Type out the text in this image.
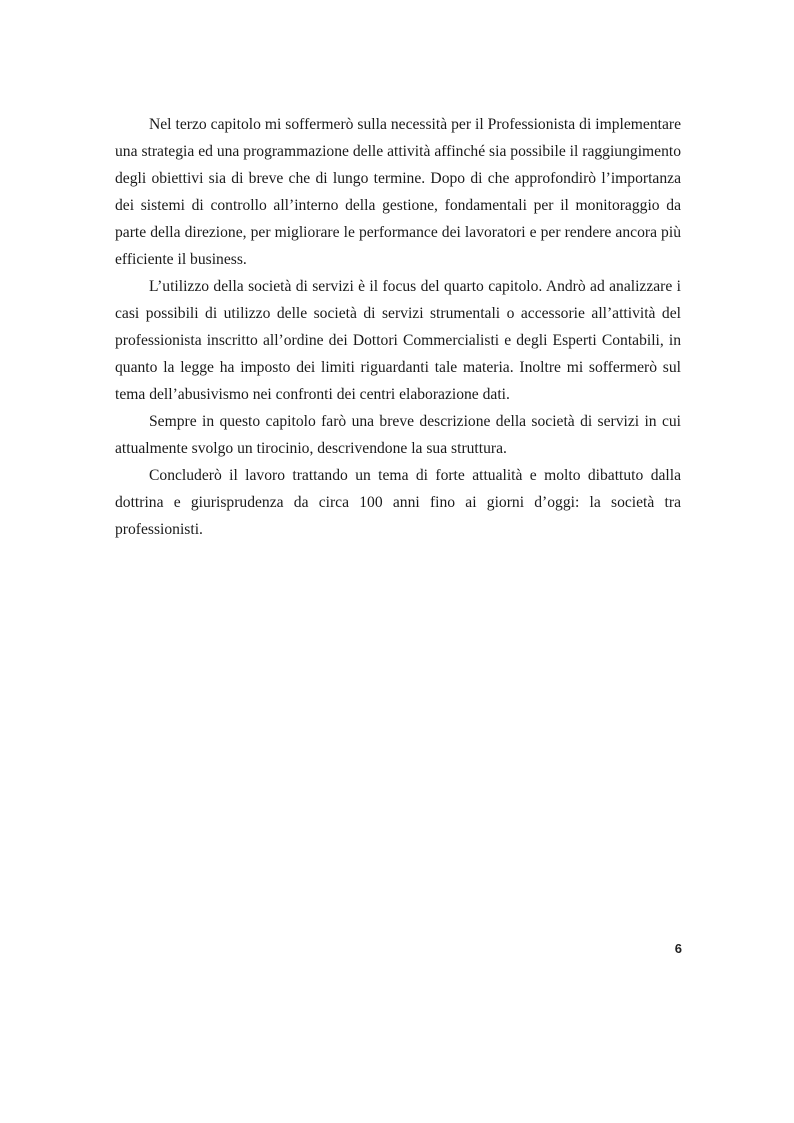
Nel terzo capitolo mi soffermerò sulla necessità per il Professionista di implementare una strategia ed una programmazione delle attività affinché sia possibile il raggiungimento degli obiettivi sia di breve che di lungo termine. Dopo di che approfondirò l’importanza dei sistemi di controllo all’interno della gestione, fondamentali per il monitoraggio da parte della direzione, per migliorare le performance dei lavoratori e per rendere ancora più efficiente il business.

L’utilizzo della società di servizi è il focus del quarto capitolo. Andrò ad analizzare i casi possibili di utilizzo delle società di servizi strumentali o accessorie all’attività del professionista inscritto all’ordine dei Dottori Commercialisti e degli Esperti Contabili, in quanto la legge ha imposto dei limiti riguardanti tale materia. Inoltre mi soffermerò sul tema dell’abusivismo nei confronti dei centri elaborazione dati.

Sempre in questo capitolo farò una breve descrizione della società di servizi in cui attualmente svolgo un tirocinio, descrivendone la sua struttura.

Concluderò il lavoro trattando un tema di forte attualità e molto dibattuto dalla dottrina e giurisprudenza da circa 100 anni fino ai giorni d’oggi: la società tra professionisti.

6
